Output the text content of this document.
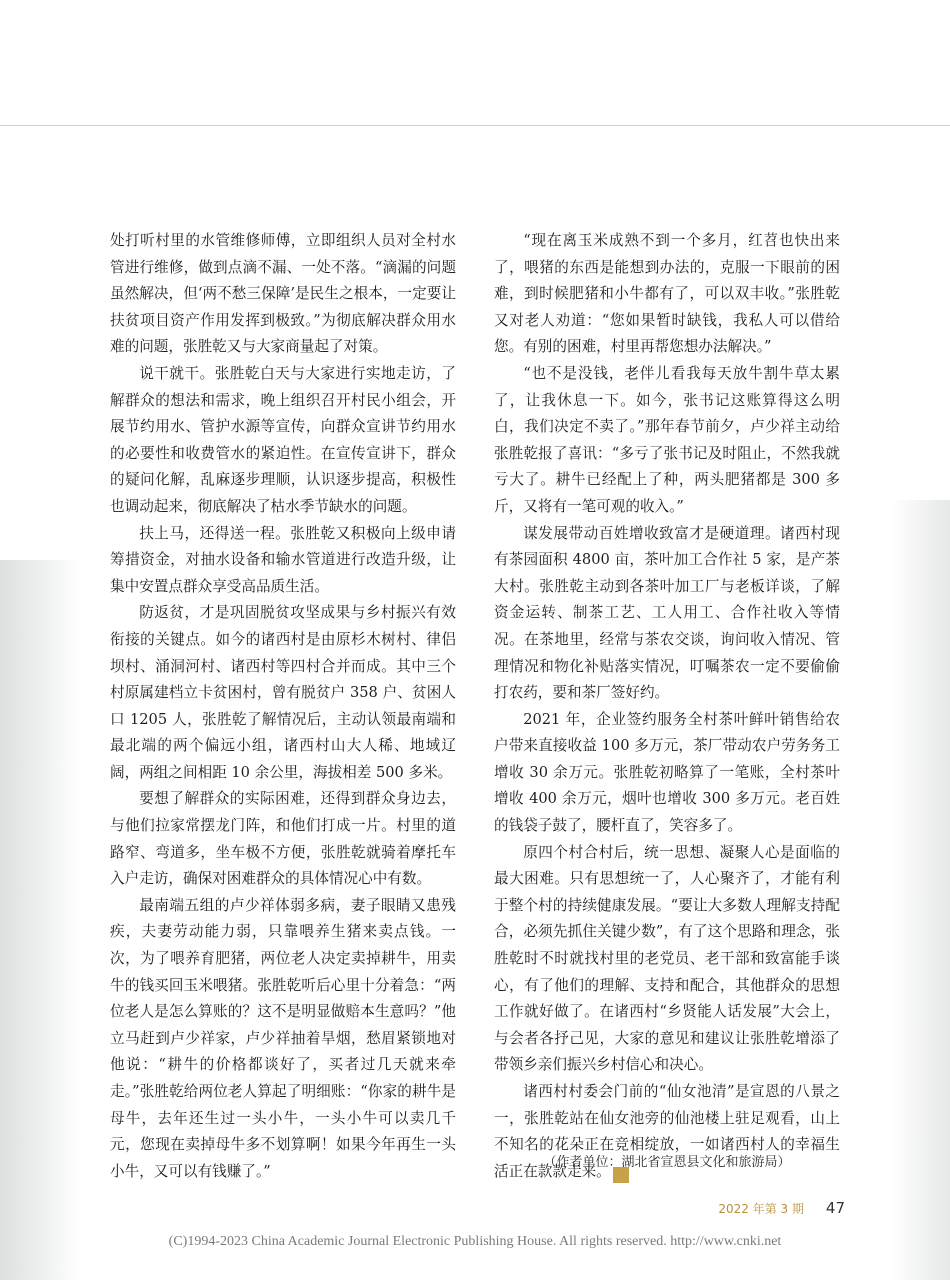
处打听村里的水管维修师傅，立即组织人员对全村水管进行维修，做到点滴不漏、一处不落。“滴漏的问题虽然解决，但‘两不愁三保障’是民生之根本，一定要让扶贫项目资产作用发挥到极致。”为彻底解决群众用水难的问题，张胜乾又与大家商量起了对策。

说干就干。张胜乾白天与大家进行实地走访，了解群众的想法和需求，晚上组织召开村民小组会，开展节约用水、管护水源等宣传，向群众宣讲节约用水的必要性和收费管水的紧迫性。在宣传宣讲下，群众的疑问化解，乱麻逐步理顺，认识逐步提高，积极性也调动起来，彻底解决了枯水季节缺水的问题。

扶上马，还得送一程。张胜乾又积极向上级申请筹措资金，对抽水设备和输水管道进行改造升级，让集中安置点群众享受高品质生活。

防返贫，才是巩固脱贫攻坚成果与乡村振兴有效衔接的关键点。如今的诸西村是由原杉木树村、律侣坝村、涌洞河村、诸西村等四村合并而成。其中三个村原属建档立卡贫困村，曾有脱贫户 358 户、贫困人口 1205 人，张胜乾了解情况后，主动认领最南端和最北端的两个偏远小组，诸西村山大人稀、地域辽阔，两组之间相距 10 余公里，海拔相差 500 多米。

要想了解群众的实际困难，还得到群众身边去，与他们拉家常摆龙门阵，和他们打成一片。村里的道路窄、弯道多，坐车极不方便，张胜乾就骑着摩托车入户走访，确保对困难群众的具体情况心中有数。

最南端五组的卢少祥体弱多病，妻子眼睛又患残疾，夫妻劳动能力弱，只靠喂养生猪来卖点钱。一次，为了喂养育肥猪，两位老人决定卖掉耕牛，用卖牛的钱买回玉米喂猪。张胜乾听后心里十分着急：“两位老人是怎么算账的？这不是明显做赔本生意吗？”他立马赶到卢少祥家，卢少祥抽着旱烟，愁眉紧锁地对他说：“耕牛的价格都谈好了，买者过几天就来牵走。”张胜乾给两位老人算起了明细账：“你家的耕牛是母牛，去年还生过一头小牛，一头小牛可以卖几千元，您现在卖掉母牛多不划算啊！如果今年再生一头小牛，又可以有钱赚了。”

“现在离玉米成熟不到一个多月，红苕也快出来了，喂猪的东西是能想到办法的，克服一下眼前的困难，到时候肥猪和小牛都有了，可以双丰收。”张胜乾又对老人劝道：“您如果暂时缺钱，我私人可以借给您。有别的困难，村里再帮您想办法解决。”

“也不是没钱，老伴儿看我每天放牛割牛草太累了，让我休息一下。如今，张书记这账算得这么明白，我们决定不卖了。”那年春节前夕，卢少祥主动给张胜乾报了喜讯：“多亏了张书记及时阻止，不然我就亏大了。耕牛已经配上了种，两头肥猪都是 300 多斤，又将有一笔可观的收入。”

谋发展带动百姓增收致富才是硬道理。诸西村现有茶园面积 4800 亩，茶叶加工合作社 5 家，是产茶大村。张胜乾主动到各茶叶加工厂与老板详谈，了解资金运转、制茶工艺、工人用工、合作社收入等情况。在茶地里，经常与茶农交谈，询问收入情况、管理情况和物化补贴落实情况，叮嘱茶农一定不要偷偷打农药，要和茶厂签好约。

2021 年，企业签约服务全村茶叶鲜叶销售给农户带来直接收益 100 多万元，茶厂带动农户劳务务工增收 30 余万元。张胜乾初略算了一笔账，全村茶叶增收 400 余万元，烟叶也增收 300 多万元。老百姓的钱袋子鼓了，腰杆直了，笑容多了。

原四个村合村后，统一思想、凝聚人心是面临的最大困难。只有思想统一了，人心聚齐了，才能有利于整个村的持续健康发展。“要让大多数人理解支持配合，必须先抓住关键少数”，有了这个思路和理念，张胜乾时不时就找村里的老党员、老干部和致富能手谈心，有了他们的理解、支持和配合，其他群众的思想工作就好做了。在诸西村“乡贤能人话发展”大会上，与会者各抒己见，大家的意见和建议让张胜乾增添了带领乡亲们振兴乡村信心和决心。

诸西村村委会门前的“仙女池清”是宣恩的八景之一，张胜乾站在仙女池旁的仙池楼上驻足观看，山上不知名的花朵正在竞相绽放，一如诸西村人的幸福生活正在款款走来。	众

（作者单位：湖北省宣恩县文化和旅游局）
2022 年第 3 期	47
(C)1994-2023 China Academic Journal Electronic Publishing House. All rights reserved. http://www.cnki.net
